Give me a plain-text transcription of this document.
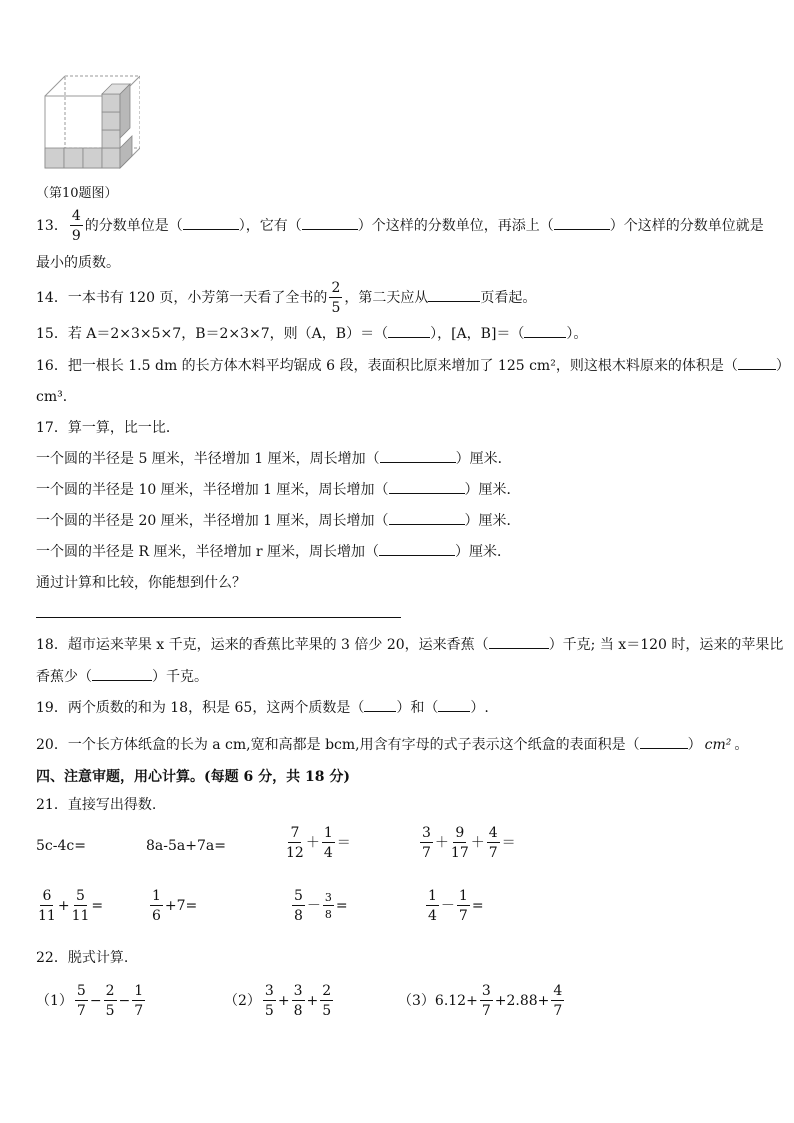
（第10题图）
13． $\frac{4}{9}$ 的分数单位是（	），它有（	）个这样的分数单位，再添上（	）个这样的分数单位就是
最小的质数。
14．一本书有 120 页，小芳第一天看了全书的 $\frac{2}{5}$ ，第二天应从	页看起。
15．若 A＝2×3×5×7，B＝2×3×7，则（A，B）＝（	），[A，B]＝（	）。
16．把一根长 1.5 dm 的长方体木料平均锯成 6 段，表面积比原来增加了 125 cm²，则这根木料原来的体积是（	）
cm³．
17．算一算，比一比．
一个圆的半径是 5 厘米，半径增加 1 厘米，周长增加（	）厘米．
一个圆的半径是 10 厘米，半径增加 1 厘米，周长增加（	）厘米．
一个圆的半径是 20 厘米，半径增加 1 厘米，周长增加（	）厘米．
一个圆的半径是 R 厘米，半径增加 r 厘米，周长增加（	）厘米．
通过计算和比较，你能想到什么？
18．超市运来苹果 x 千克，运来的香蕉比苹果的 3 倍少 20，运来香蕉（	）千克; 当 x＝120 时，运来的苹果比
香蕉少（	）千克。
19．两个质数的和为 18，积是 65，这两个质数是（ ）和（ ）.
20．一个长方体纸盒的长为 a cm,宽和高都是 bcm,用含有字母的式子表示这个纸盒的表面积是（	） cm² 。
四、注意审题，用心计算。(每题 6 分，共 18 分)
21．直接写出得数.
5c-4c=	8a-5a+7a=	$\frac{7}{12} + \frac{1}{4}$ ＝	$\frac{3}{7} + \frac{9}{17} + \frac{4}{7}$ ＝
$\frac{6}{11} + \frac{5}{11}$ =	$\frac{1}{6} +7=$	$\frac{5}{8} - \frac{3}{8}$ =	$\frac{1}{4} - \frac{1}{7}$ =
22．脱式计算.
$(1) \frac{5}{7} - \frac{2}{5} - \frac{1}{7}$	$(2) \frac{3}{5} + \frac{3}{8} + \frac{2}{5}$	$(3)6.12+ \frac{3}{7} +2.88+ \frac{4}{7}$
